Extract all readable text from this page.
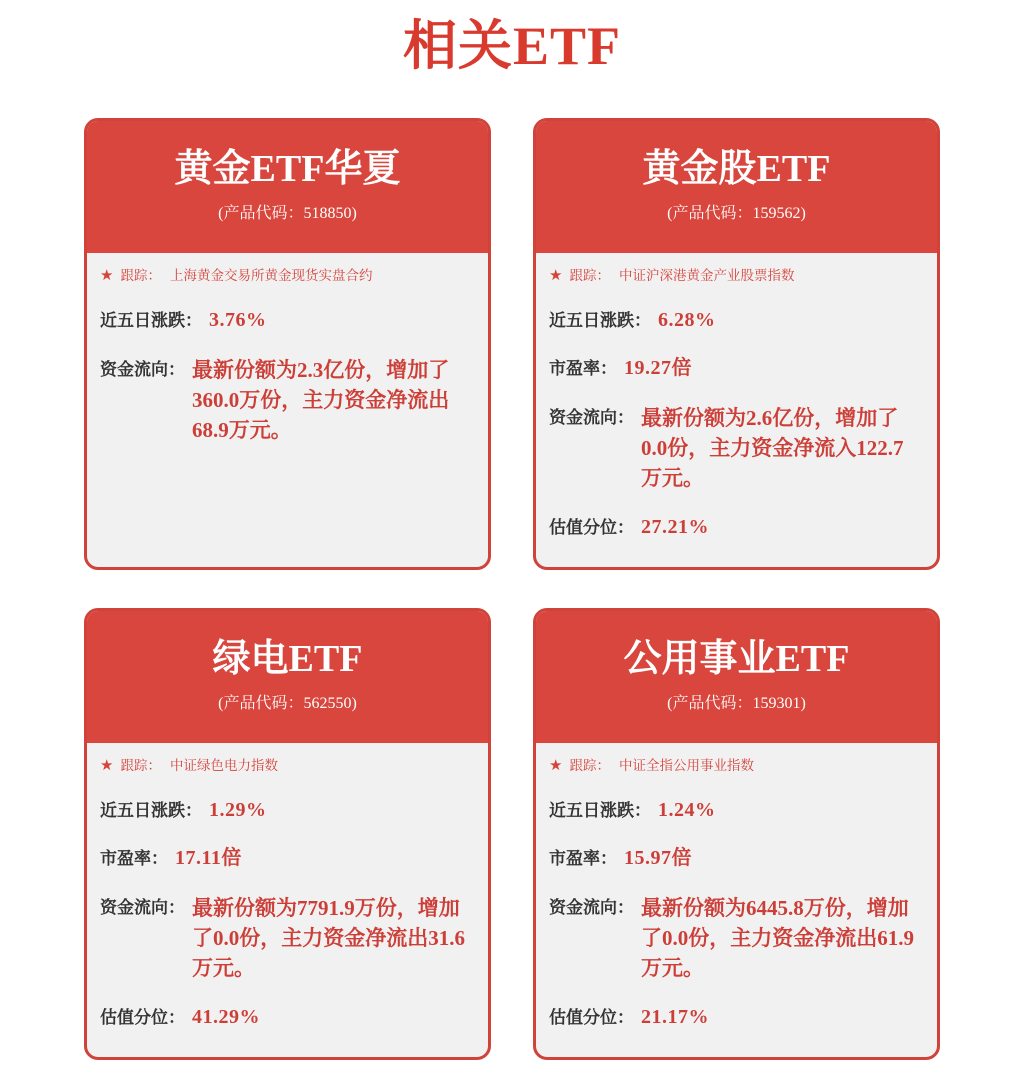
相关ETF
黄金ETF华夏
(产品代码：518850)
★ 跟踪： 上海黄金交易所黄金现货实盘合约
近五日涨跌： 3.76%
资金流向： 最新份额为2.3亿份，增加了360.0万份，主力资金净流出68.9万元。
黄金股ETF
(产品代码：159562)
★ 跟踪： 中证沪深港黄金产业股票指数
近五日涨跌： 6.28%
市盈率： 19.27倍
资金流向： 最新份额为2.6亿份，增加了0.0份，主力资金净流入122.7万元。
估值分位： 27.21%
绿电ETF
(产品代码：562550)
★ 跟踪： 中证绿色电力指数
近五日涨跌： 1.29%
市盈率： 17.11倍
资金流向： 最新份额为7791.9万份，增加了0.0份，主力资金净流出31.6万元。
估值分位： 41.29%
公用事业ETF
(产品代码：159301)
★ 跟踪： 中证全指公用事业指数
近五日涨跌： 1.24%
市盈率： 15.97倍
资金流向： 最新份额为6445.8万份，增加了0.0份，主力资金净流出61.9万元。
估值分位： 21.17%
